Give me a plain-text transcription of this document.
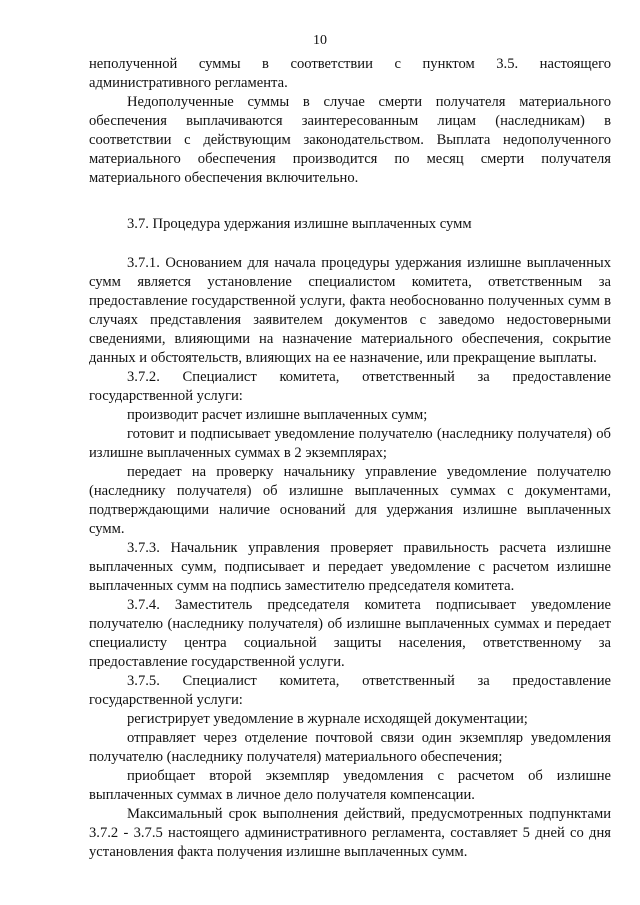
10

неполученной суммы в соответствии с пунктом 3.5. настоящего административного регламента.

Недополученные суммы в случае смерти получателя материального обеспечения выплачиваются заинтересованным лицам (наследникам) в соответствии с действующим законодательством. Выплата недополученного материального обеспечения производится по месяц смерти получателя материального обеспечения включительно.

3.7. Процедура удержания излишне выплаченных сумм

3.7.1. Основанием для начала процедуры удержания излишне выплаченных сумм является установление специалистом комитета, ответственным за предоставление государственной услуги, факта необоснованно полученных сумм в случаях представления заявителем документов с заведомо недостоверными сведениями, влияющими на назначение материального обеспечения, сокрытие данных и обстоятельств, влияющих на ее назначение, или прекращение выплаты.

3.7.2. Специалист комитета, ответственный за предоставление государственной услуги:

производит расчет излишне выплаченных сумм;

готовит и подписывает уведомление получателю (наследнику получателя) об излишне выплаченных суммах в 2 экземплярах;

передает на проверку начальнику управление уведомление получателю (наследнику получателя) об излишне выплаченных суммах с документами, подтверждающими наличие оснований для удержания излишне выплаченных сумм.

3.7.3. Начальник управления проверяет правильность расчета излишне выплаченных сумм, подписывает и передает уведомление с расчетом излишне выплаченных сумм на подпись заместителю председателя комитета.

3.7.4. Заместитель председателя комитета подписывает уведомление получателю (наследнику получателя) об излишне выплаченных суммах и передает специалисту центра социальной защиты населения, ответственному за предоставление государственной услуги.

3.7.5. Специалист комитета, ответственный за предоставление государственной услуги:

регистрирует уведомление в журнале исходящей документации;

отправляет через отделение почтовой связи один экземпляр уведомления получателю (наследнику получателя) материального обеспечения;

приобщает второй экземпляр уведомления с расчетом об излишне выплаченных суммах в личное дело получателя компенсации.

Максимальный срок выполнения действий, предусмотренных подпунктами 3.7.2 - 3.7.5 настоящего административного регламента, составляет 5 дней со дня установления факта получения излишне выплаченных сумм.
